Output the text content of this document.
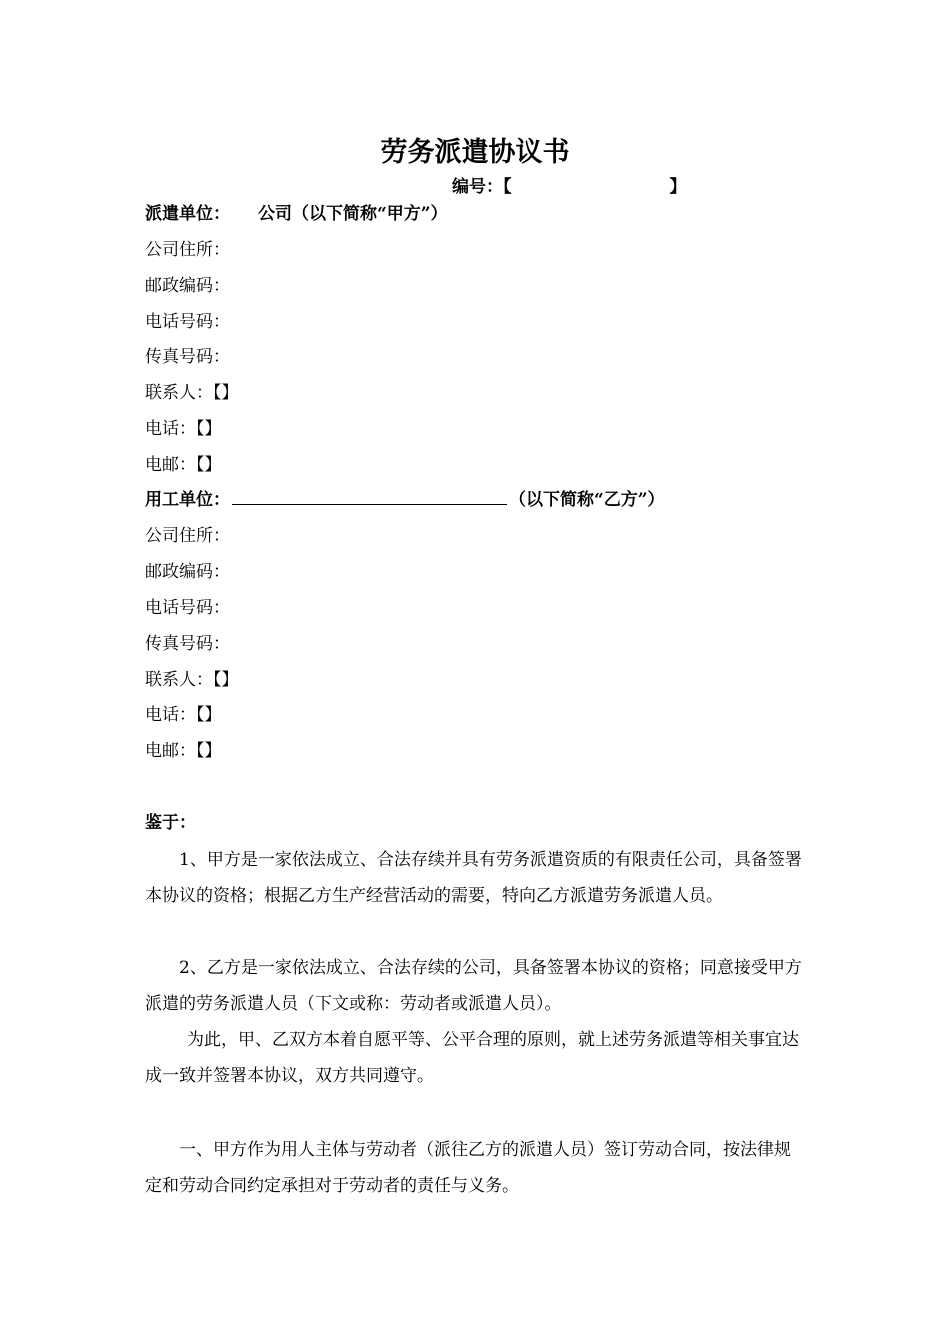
劳务派遣协议书
编号：【	】
派遣单位： 公司（以下简称“甲方”）
公司住所：
邮政编码：
电话号码：
传真号码：
联系人：【】
电话：【】
电邮：【】
用工单位：	（以下简称“乙方”）
公司住所：
邮政编码：
电话号码：
传真号码：
联系人：【】
电话：【】
电邮：【】
鉴于：
1、甲方是一家依法成立、合法存续并具有劳务派遣资质的有限责任公司，具备签署本协议的资格；根据乙方生产经营活动的需要，特向乙方派遣劳务派遣人员。
2、乙方是一家依法成立、合法存续的公司，具备签署本协议的资格；同意接受甲方派遣的劳务派遣人员（下文或称：劳动者或派遣人员）。
为此，甲、乙双方本着自愿平等、公平合理的原则，就上述劳务派遣等相关事宜达成一致并签署本协议，双方共同遵守。
一、甲方作为用人主体与劳动者（派往乙方的派遣人员）签订劳动合同，按法律规定和劳动合同约定承担对于劳动者的责任与义务。
